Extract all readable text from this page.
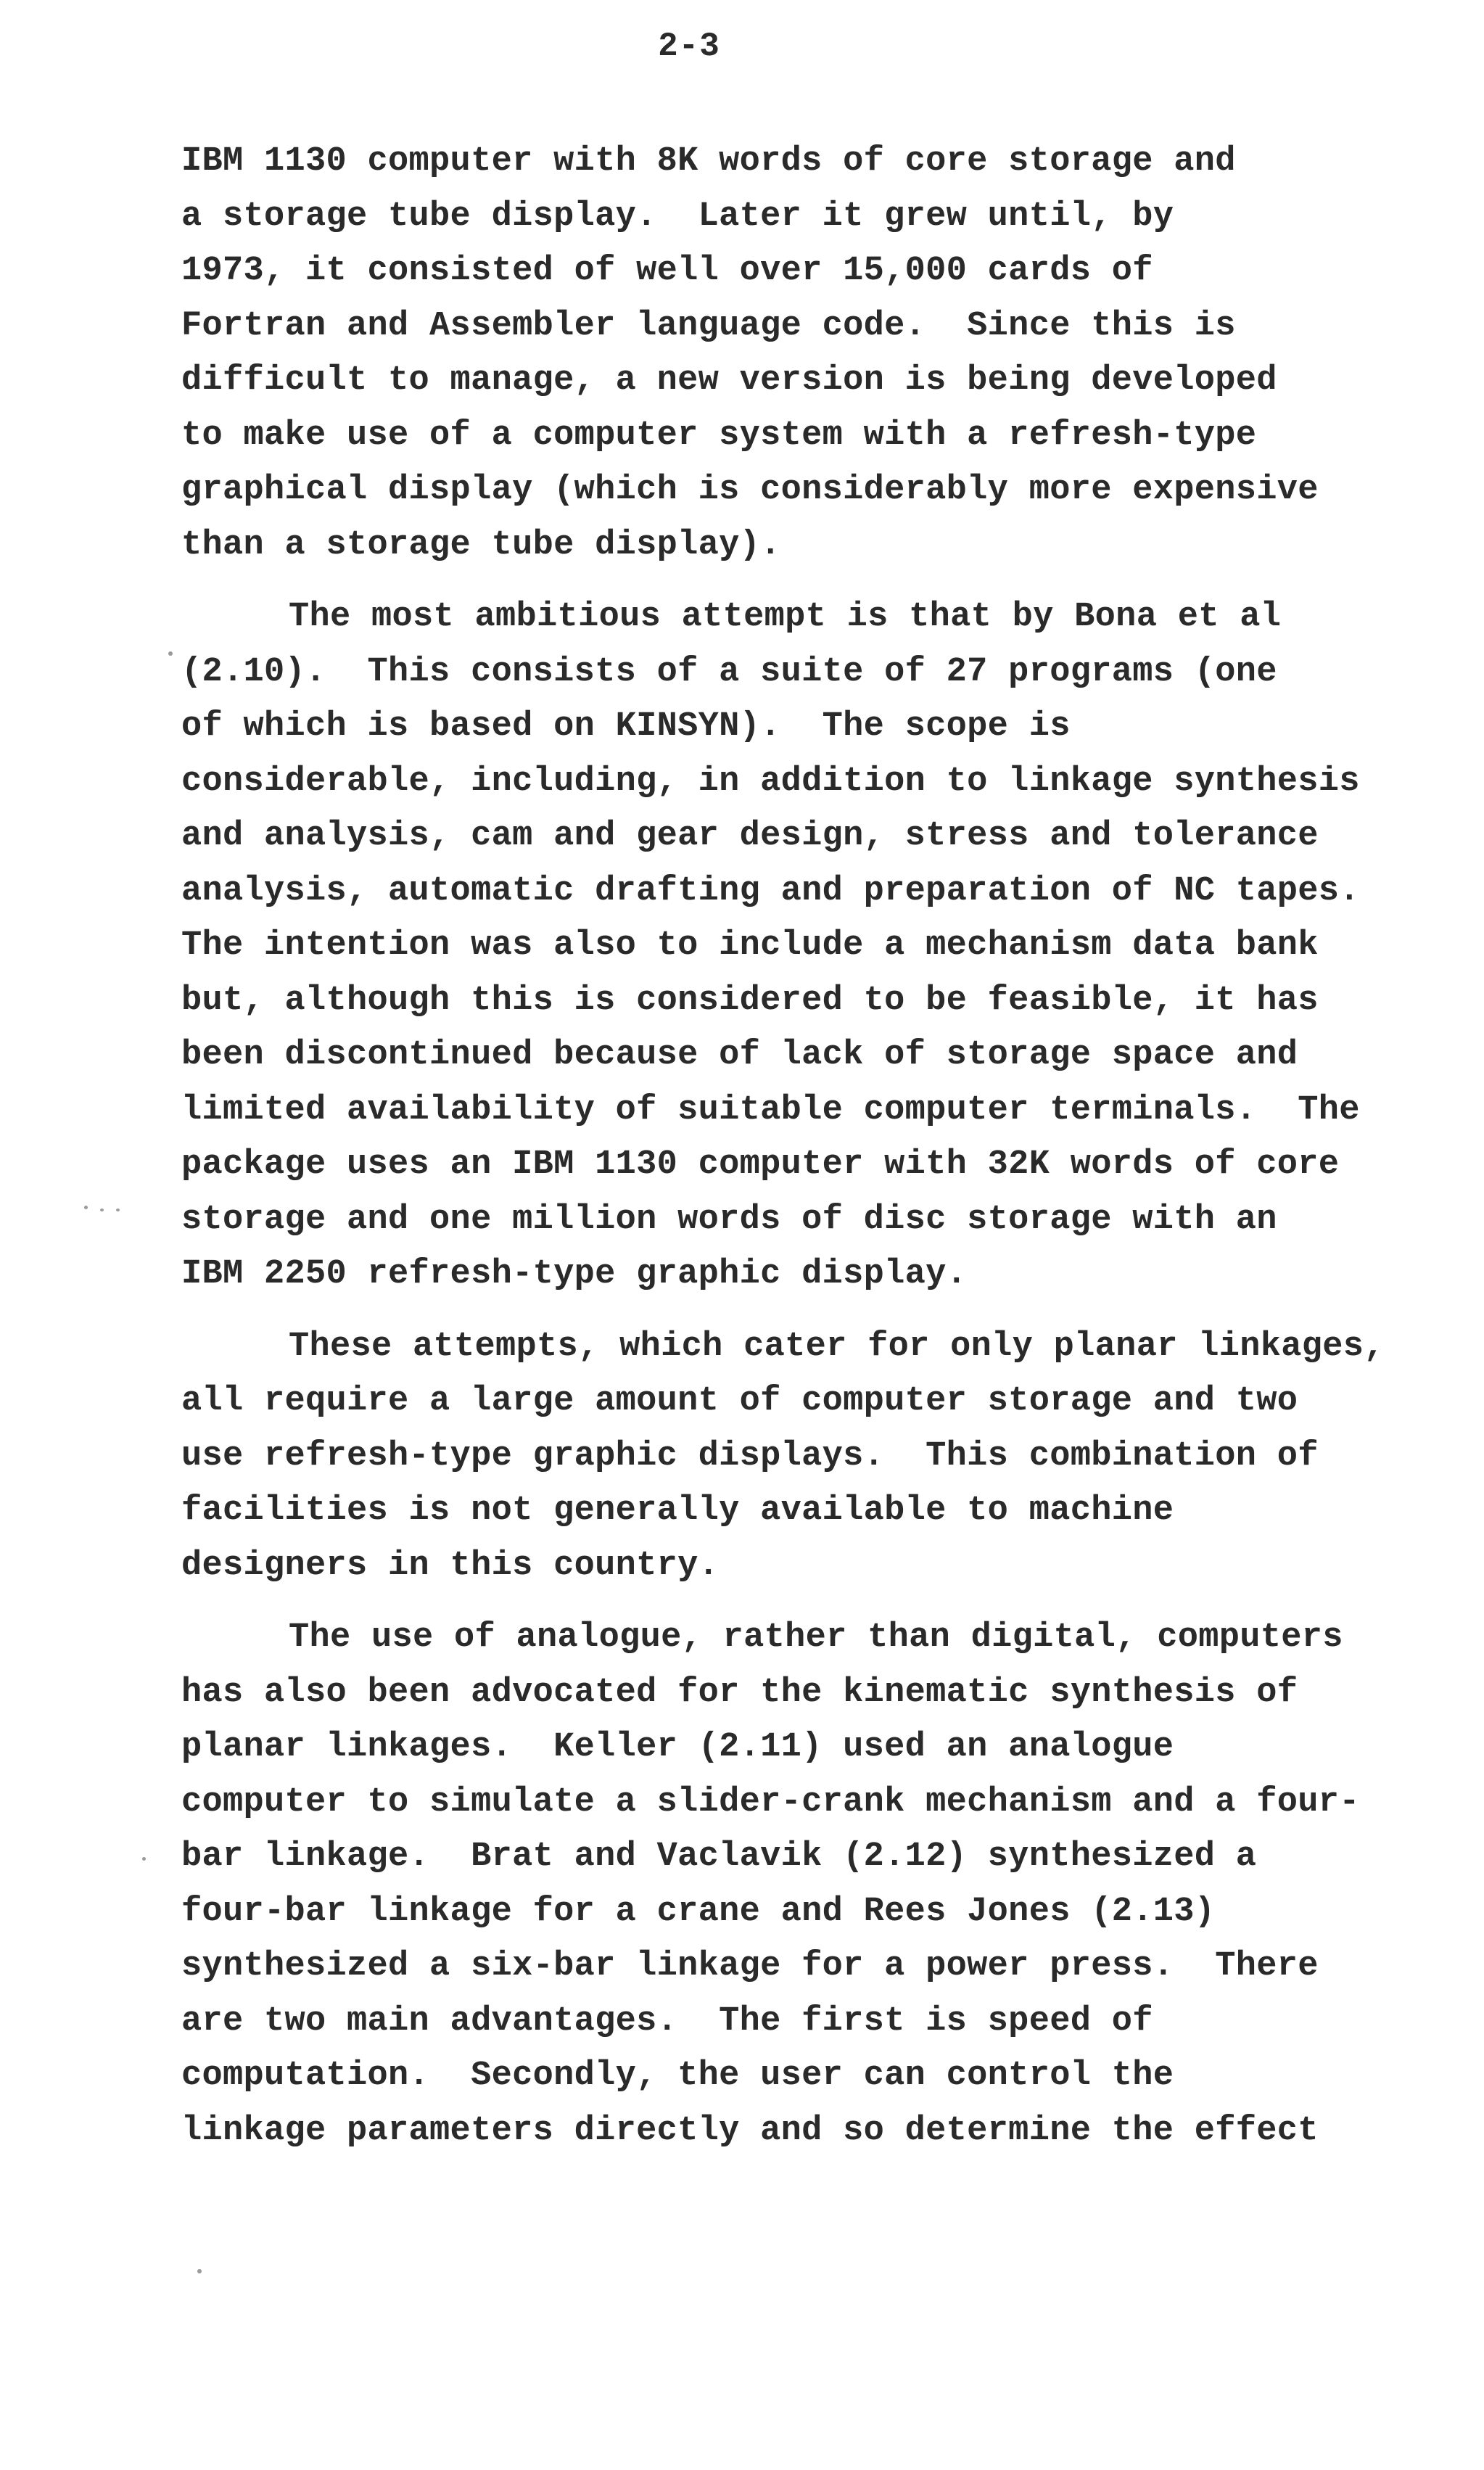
2-3
IBM 1130 computer with 8K words of core storage and
a storage tube display.  Later it grew until, by
1973, it consisted of well over 15,000 cards of
Fortran and Assembler language code.  Since this is
difficult to manage, a new version is being developed
to make use of a computer system with a refresh-type
graphical display (which is considerably more expensive
than a storage tube display).
The most ambitious attempt is that by Bona et al
(2.10).  This consists of a suite of 27 programs (one
of which is based on KINSYN).  The scope is
considerable, including, in addition to linkage synthesis
and analysis, cam and gear design, stress and tolerance
analysis, automatic drafting and preparation of NC tapes.
The intention was also to include a mechanism data bank
but, although this is considered to be feasible, it has
been discontinued because of lack of storage space and
limited availability of suitable computer terminals.  The
package uses an IBM 1130 computer with 32K words of core
storage and one million words of disc storage with an
IBM 2250 refresh-type graphic display.
These attempts, which cater for only planar linkages,
all require a large amount of computer storage and two
use refresh-type graphic displays.  This combination of
facilities is not generally available to machine
designers in this country.
The use of analogue, rather than digital, computers
has also been advocated for the kinematic synthesis of
planar linkages.  Keller (2.11) used an analogue
computer to simulate a slider-crank mechanism and a four-
bar linkage.  Brat and Vaclavik (2.12) synthesized a
four-bar linkage for a crane and Rees Jones (2.13)
synthesized a six-bar linkage for a power press.  There
are two main advantages.  The first is speed of
computation.  Secondly, the user can control the
linkage parameters directly and so determine the effect
